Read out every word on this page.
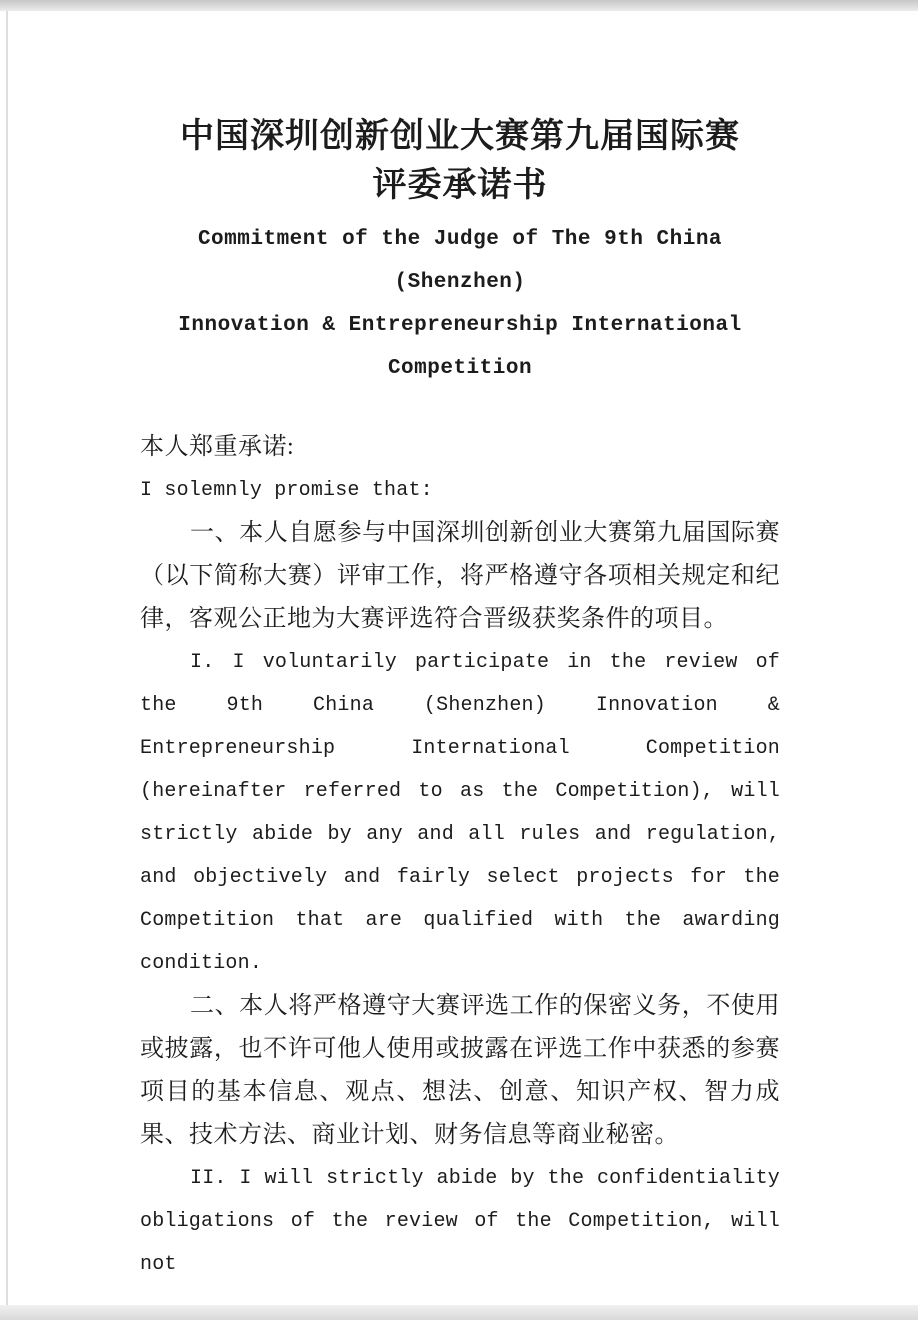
中国深圳创新创业大赛第九届国际赛
评委承诺书
Commitment of the Judge of The 9th China (Shenzhen)
Innovation & Entrepreneurship International
Competition

本人郑重承诺:

I solemnly promise that:

一、本人自愿参与中国深圳创新创业大赛第九届国际赛（以下简称大赛）评审工作，将严格遵守各项相关规定和纪律，客观公正地为大赛评选符合晋级获奖条件的项目。

I. I voluntarily participate in the review of the 9th China (Shenzhen) Innovation & Entrepreneurship International Competition (hereinafter referred to as the Competition), will strictly abide by any and all rules and regulation, and objectively and fairly select projects for the Competition that are qualified with the awarding condition.

二、本人将严格遵守大赛评选工作的保密义务，不使用或披露，也不许可他人使用或披露在评选工作中获悉的参赛项目的基本信息、观点、想法、创意、知识产权、智力成果、技术方法、商业计划、财务信息等商业秘密。

II. I will strictly abide by the confidentiality obligations of the review of the Competition, will not
